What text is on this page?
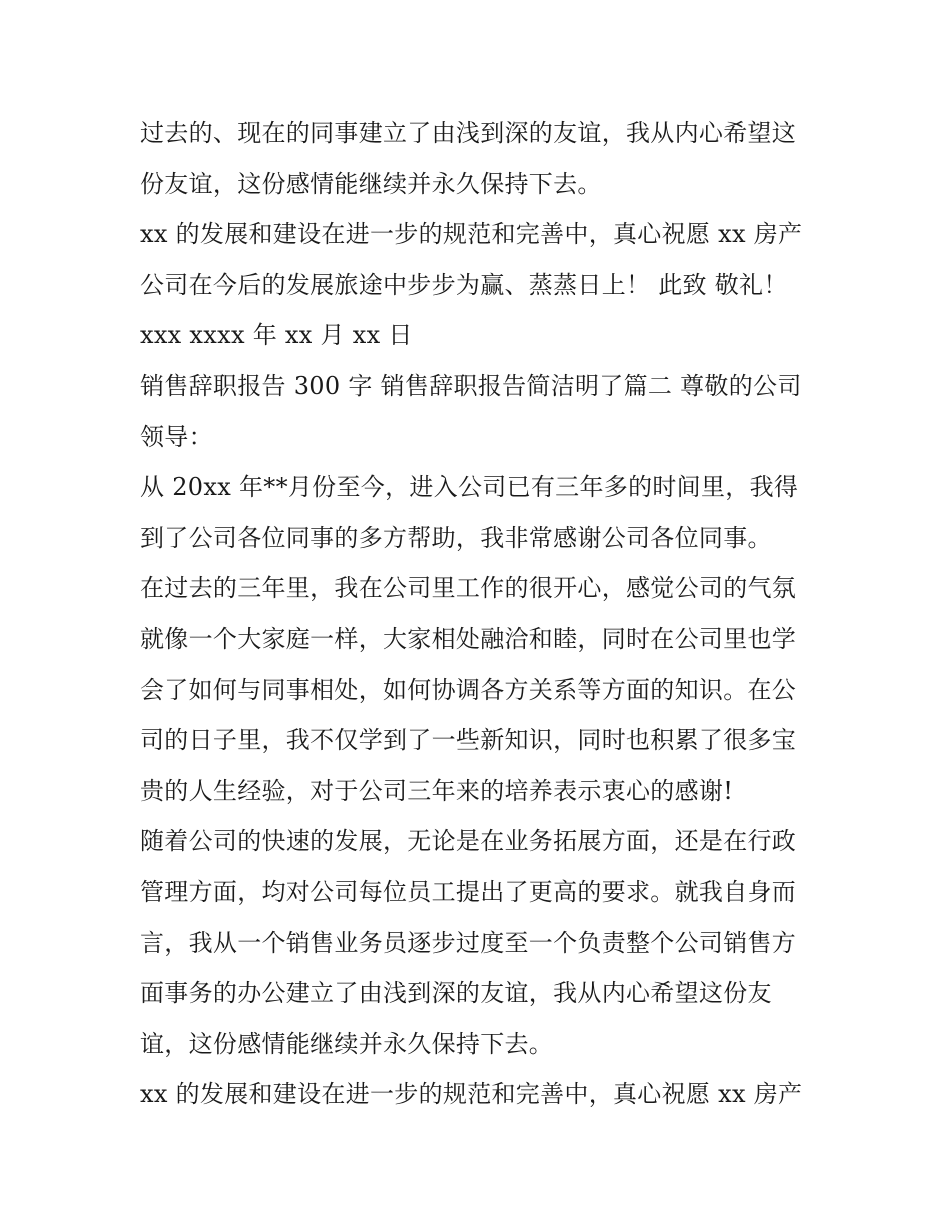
过去的、现在的同事建立了由浅到深的友谊，我从内心希望这
份友谊，这份感情能继续并永久保持下去。
xx 的发展和建设在进一步的规范和完善中，真心祝愿 xx 房产
公司在今后的发展旅途中步步为赢、蒸蒸日上！ 此致 敬礼！
xxx xxxx 年 xx 月 xx 日
销售辞职报告 300 字 销售辞职报告简洁明了篇二 尊敬的公司
领导：
从 20xx 年**月份至今，进入公司已有三年多的时间里，我得
到了公司各位同事的多方帮助，我非常感谢公司各位同事。
在过去的三年里，我在公司里工作的很开心，感觉公司的气氛
就像一个大家庭一样，大家相处融洽和睦，同时在公司里也学
会了如何与同事相处，如何协调各方关系等方面的知识。在公
司的日子里，我不仅学到了一些新知识，同时也积累了很多宝
贵的人生经验，对于公司三年来的培养表示衷心的感谢!
随着公司的快速的发展，无论是在业务拓展方面，还是在行政
管理方面，均对公司每位员工提出了更高的要求。就我自身而
言，我从一个销售业务员逐步过度至一个负责整个公司销售方
面事务的办公建立了由浅到深的友谊，我从内心希望这份友
谊，这份感情能继续并永久保持下去。
xx 的发展和建设在进一步的规范和完善中，真心祝愿 xx 房产
